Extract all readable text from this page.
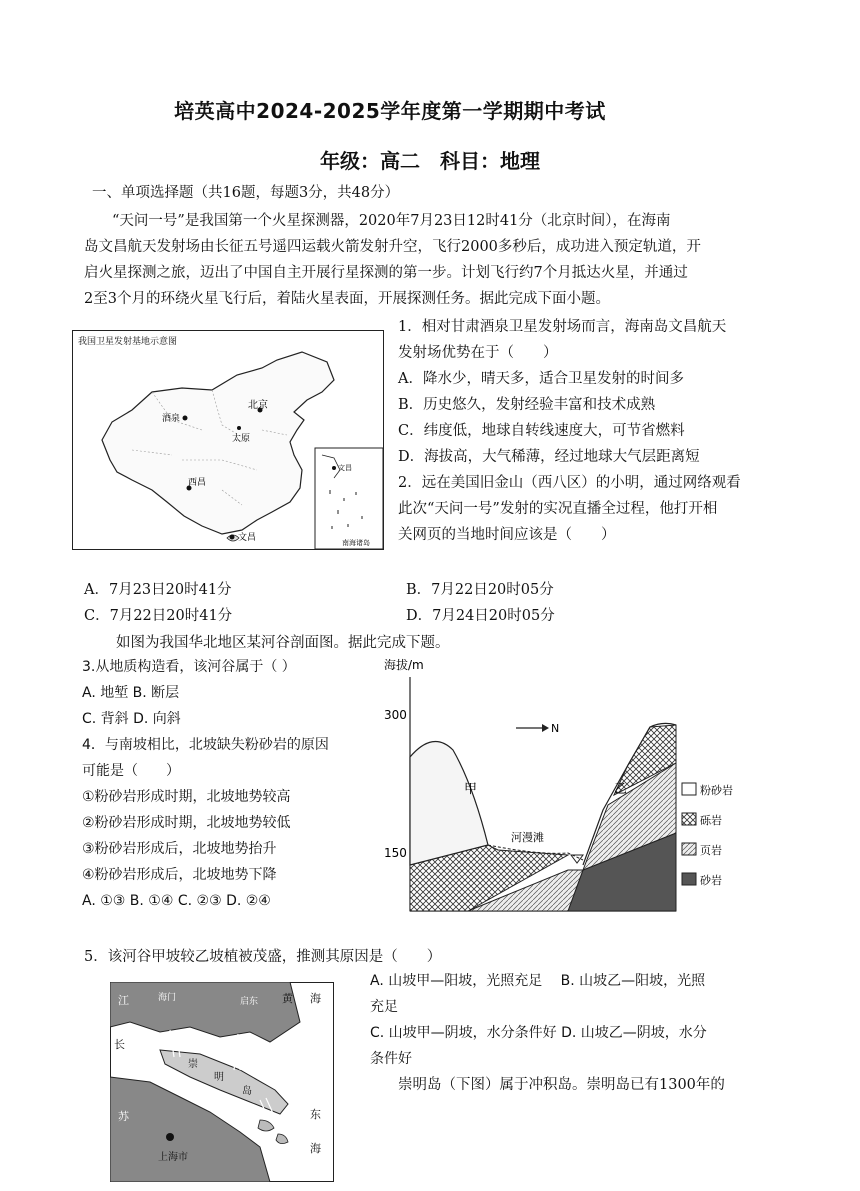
培英高中2024-2025学年度第一学期期中考试
年级：高二　科目：地理
一、单项选择题（共16题，每题3分，共48分）
“天问一号”是我国第一个火星探测器，2020年7月23日12时41分（北京时间），在海南
岛文昌航天发射场由长征五号遥四运载火箭发射升空，飞行2000多秒后，成功进入预定轨道，开
启火星探测之旅，迈出了中国自主开展行星探测的第一步。计划飞行约7个月抵达火星，并通过
2至3个月的环绕火星飞行后，着陆火星表面，开展探测任务。据此完成下面小题。
我国卫星发射基地示意图
酒泉
北京
太原
西昌
文昌
文昌
南海诸岛
1．相对甘肃酒泉卫星发射场而言，海南岛文昌航天
发射场优势在于（　　）
A．降水少，晴天多，适合卫星发射的时间多
B．历史悠久，发射经验丰富和技术成熟
C．纬度低，地球自转线速度大，可节省燃料
D．海拔高，大气稀薄，经过地球大气层距离短
2．远在美国旧金山（西八区）的小明，通过网络观看
此次“天问一号”发射的实况直播全过程，他打开相
关网页的当地时间应该是（　　）
A．7月23日20时41分	B．7月22日20时05分
C．7月22日20时41分	D．7月24日20时05分
如图为我国华北地区某河谷剖面图。据此完成下题。
3.从地质构造看，该河谷属于（ ）
A. 地堑 B. 断层
C. 背斜 D. 向斜
4．与南坡相比，北坡缺失粉砂岩的原因
可能是（　　）
①粉砂岩形成时期，北坡地势较高
②粉砂岩形成时期，北坡地势较低
③粉砂岩形成后，北坡地势抬升
④粉砂岩形成后，北坡地势下降
A. ①③ B. ①④ C. ②③ D. ②④
海拔/m
300
150
N
甲	乙
河漫滩
粉砂岩
砾岩
页岩
砂岩
5．该河谷甲坡较乙坡植被茂盛，推测其原因是（　　）
A. 山坡甲—阳坡，光照充足　 B. 山坡乙—阳坡，光照
充足
C. 山坡甲—阴坡，水分条件好 D. 山坡乙—阴坡，水分
条件好
崇明岛（下图）属于冲积岛。崇明岛已有1300年的
江
苏
长
黄 海
东
海
海门	启东
崇
明
岛
上海市
